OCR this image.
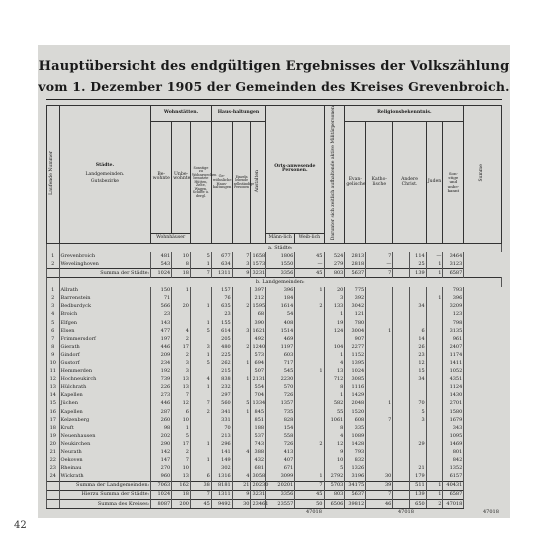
Hauptübersicht des endgültigen Ergebnisses der Volkszählung
vom 1. Dezember 1905 der Gemeinden des Kreises Grevenbroich.
Laufende Nummer	Städte.
Landgemeinden.
Gutsbezirke	Wohnstätten.			Haus-haltungen			Orts-anwesende Personen.		Darunter sich zeitlich aufhaltende aktive Militärpersonen	Religionsbekenntnis.						Summe
		Be-wohnte	Unbe-wohnte	Sonstige zu Wohnzwecken benutzte Hütten, Zelte, Wagen, Schiffe u. dergl.	Ge-wöhnliche Haus-haltungen	Einzeln lebende selbständige Personen	Anstalten				Evan-gelische	Katho-lische	Andere Christ.		Juden	Son-stige und unbe-kannt	
		Wohnhäuser						Männ-lich	Weib-lich								
	a. Städte:																
1	Grevenbroich	481	10	5	677	7	1658	1806	45	524	2813	7		114	—	3464	
2	Wevelinghoven	543	8	1	634	3	1573	1550	—	279	2818	—		25	1	3123	
	Summa der Städte:	1024	18	7	1311	9	3231	3356	45	803	5637	7		139	1	6587	
	b. Landgemeinden:																
1	Allrath	150	1		157		397	396	1	20	775					793	
2	Barrenstein	71			76		212	184		3	392				1	396	
3	Bedburdyck	566	20	1	635	2	1595	1614	2	133	3042			34		3209	
4	Broich	23			23		68	54		1	121					123	
5	Elfgen	143		1	155		390	408		19	780					798	
6	Elsen	477	4	5	614	3	1621	1514		124	3004	1		6		3135	
7	Frimmersdorf	197	2		205		492	469			907			14		961	
8	Gierath	446	17	3	480	2	1240	1197		104	2277			26		2407	
9	Gindorf	209	2	1	225		573	603		1	1152			23		1174	
10	Gustorf	234	3	5	262	1	694	717		4	1395			12		1411	
11	Hemmerden	192	3		215		507	545	1	13	1024			15		1052	
12	Hochneukirch	739	13	4	838	1	2131	2230		712	3085			34		4351	
13	Hülchrath	226	13	1	232		554	570		8	1116					1124	
14	Kapellen	273	7		297		704	726		1	1429					1430	
15	Jüchen	446	12	7	560	5	1334	1357		582	2048	1		70		2701	
16	Kapellen	287	6	2	341	1	845	735		55	1520			5		1580	
17	Kelzenberg	260	10		331		851	828		1061	608	7		3		1679	
18	Kruft	98	1		70		188	154		8	335					343	
19	Neuenhausen	202	5		213		537	558		4	1089					1095	
20	Neukirchen	290	17	1	296		743	726	2	12	1428			29		1469	
21	Neurath	142	2		141	4	388	413		9	793					801	
22	Oekoven	147	7	1	149		432	407		10	832					842	
23	Rheinau	270	10		302		681	671		5	1326			21		1352	
24	Wickrath	960	13	6	1316	4	3058	3099	1	2792	3196	30		179		6157	
	Summa der Landgemeinden:	7063	162	38	8181	21	20230	20201	7	5703	34175	39		511	1	40431	
	Hierzu Summa der Städte:	1024	18	7	1311	9	3231	3356	45	803	5637	7		139	1	6587	
	Summa des Kreises:	8087	200	45	9492	30	23461	23557	50	6506	39812	46		650	2	47018	
47018	47018	47018
42
